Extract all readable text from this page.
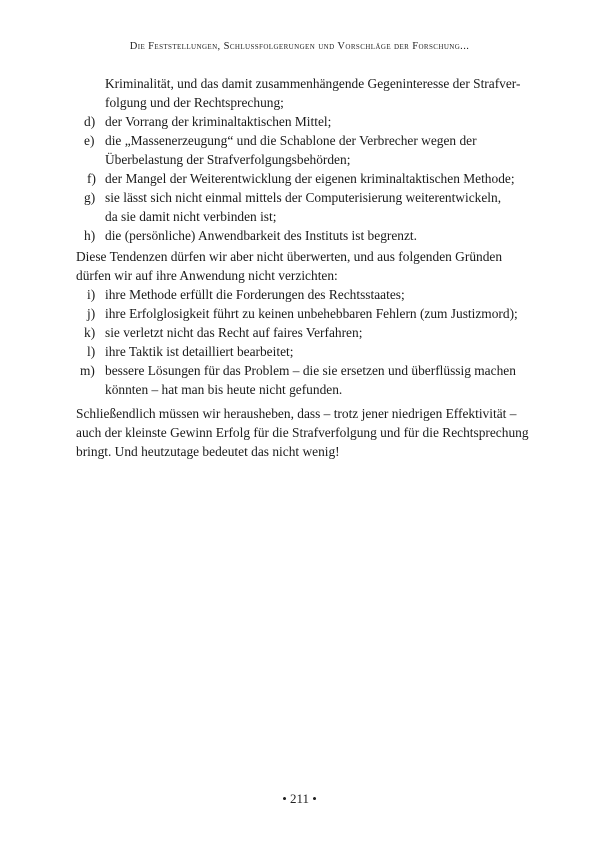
Die Feststellungen, Schlussfolgerungen und Vorschläge der Forschung...
Kriminalität, und das damit zusammenhängende Gegeninteresse der Strafver-
folgung und der Rechtsprechung;
d) der Vorrang der kriminaltaktischen Mittel;
e) die „Massenerzeugung“ und die Schablone der Verbrecher wegen der
Überbelastung der Strafverfolgungsbehörden;
f) der Mangel der Weiterentwicklung der eigenen kriminaltaktischen Methode;
g) sie lässt sich nicht einmal mittels der Computerisierung weiterentwickeln,
da sie damit nicht verbinden ist;
h) die (persönliche) Anwendbarkeit des Instituts ist begrenzt.
Diese Tendenzen dürfen wir aber nicht überwerten, und aus folgenden Gründen
dürfen wir auf ihre Anwendung nicht verzichten:
i) ihre Methode erfüllt die Forderungen des Rechtsstaates;
j) ihre Erfolglosigkeit führt zu keinen unbehebbaren Fehlern (zum Justizmord);
k) sie verletzt nicht das Recht auf faires Verfahren;
l) ihre Taktik ist detailliert bearbeitet;
m) bessere Lösungen für das Problem – die sie ersetzen und überflüssig machen
könnten – hat man bis heute nicht gefunden.
Schließendlich müssen wir herausheben, dass – trotz jener niedrigen Effektivität –
auch der kleinste Gewinn Erfolg für die Strafverfolgung und für die Rechtsprechung
bringt. Und heutzutage bedeutet das nicht wenig!
• 211 •
